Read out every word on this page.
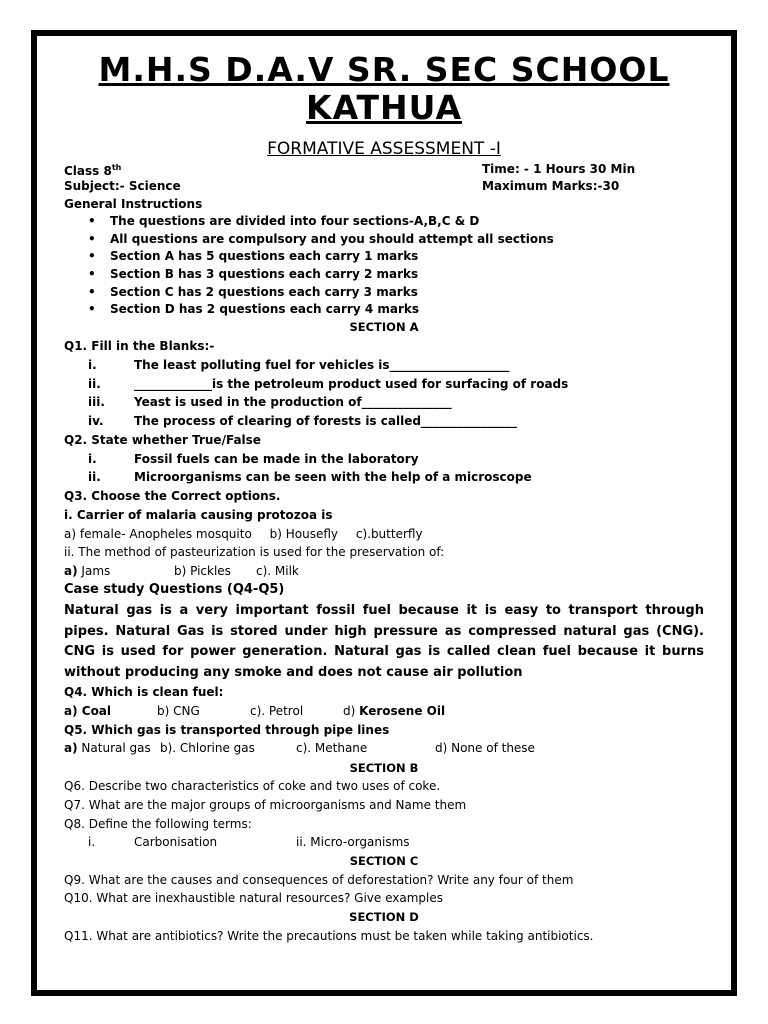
M.H.S D.A.V SR. SEC SCHOOL
KATHUA
FORMATIVE ASSESSMENT -I
Class 8th	Time: - 1 Hours 30 Min
Subject:- Science	Maximum Marks:-30
General Instructions
• The questions are divided into four sections-A,B,C & D
• All questions are compulsory and you should attempt all sections
• Section A has 5 questions each carry 1 marks
• Section B has 3 questions each carry 2 marks
• Section C has 2 questions each carry 3 marks
• Section D has 2 questions each carry 4 marks
SECTION A
Q1. Fill in the Blanks:-
i.	The least polluting fuel for vehicles is____________________
ii.	_____________is the petroleum product used for surfacing of roads
iii. Yeast is used in the production of_______________
iv.	The process of clearing of forests is called________________
Q2. State whether True/False
i.	Fossil fuels can be made in the laboratory
ii.	Microorganisms can be seen with the help of a microscope
Q3. Choose the Correct options.
i. Carrier of malaria causing protozoa is
a) female- Anopheles mosquito b) Housefly c).butterfly
ii. The method of pasteurization is used for the preservation of:
a) Jams	b) Pickles c). Milk
Case study Questions (Q4-Q5)
Natural gas is a very important fossil fuel because it is easy to transport through pipes. Natural Gas is stored under high pressure as compressed natural gas (CNG). CNG is used for power generation. Natural gas is called clean fuel because it burns without producing any smoke and does not cause air pollution
Q4. Which is clean fuel:
a) Coal	b) CNG	c). Petrol	d) Kerosene Oil
Q5. Which gas is transported through pipe lines
a) Natural gas b). Chlorine gas	c). Methane	d) None of these
SECTION B
Q6. Describe two characteristics of coke and two uses of coke.
Q7. What are the major groups of microorganisms and Name them
Q8. Define the following terms:
i.	Carbonisation	ii. Micro-organisms
SECTION C
Q9. What are the causes and consequences of deforestation? Write any four of them
Q10. What are inexhaustible natural resources? Give examples
SECTION D
Q11. What are antibiotics? Write the precautions must be taken while taking antibiotics.
